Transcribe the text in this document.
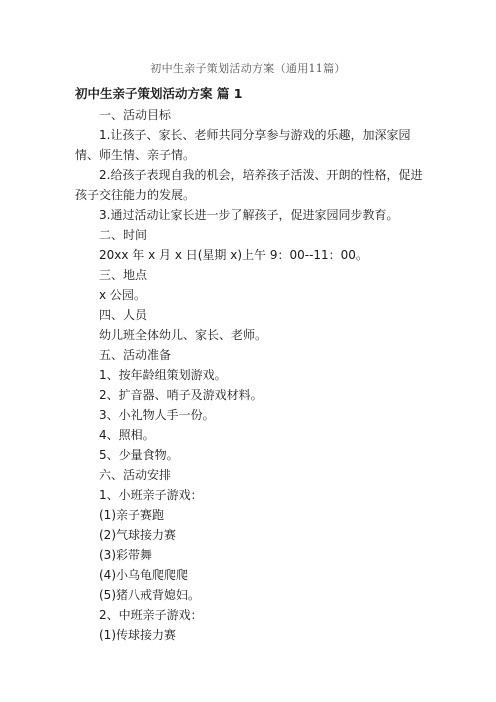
初中生亲子策划活动方案（通用11篇）
初中生亲子策划活动方案 篇 1

一、活动目标

1.让孩子、家长、老师共同分享参与游戏的乐趣，加深家园情、师生情、亲子情。

2.给孩子表现自我的机会，培养孩子活泼、开朗的性格，促进孩子交往能力的发展。

3.通过活动让家长进一步了解孩子，促进家园同步教育。

二、时间

20xx 年 x 月 x 日(星期 x)上午 9：00--11：00。

三、地点

x 公园。

四、人员

幼儿班全体幼儿、家长、老师。

五、活动准备

1、按年龄组策划游戏。

2、扩音器、哨子及游戏材料。

3、小礼物人手一份。

4、照相。

5、少量食物。

六、活动安排

1、小班亲子游戏：

(1)亲子赛跑

(2)气球接力赛

(3)彩带舞

(4)小乌龟爬爬爬

(5)猪八戒背媳妇。

2、中班亲子游戏：

(1)传球接力赛
